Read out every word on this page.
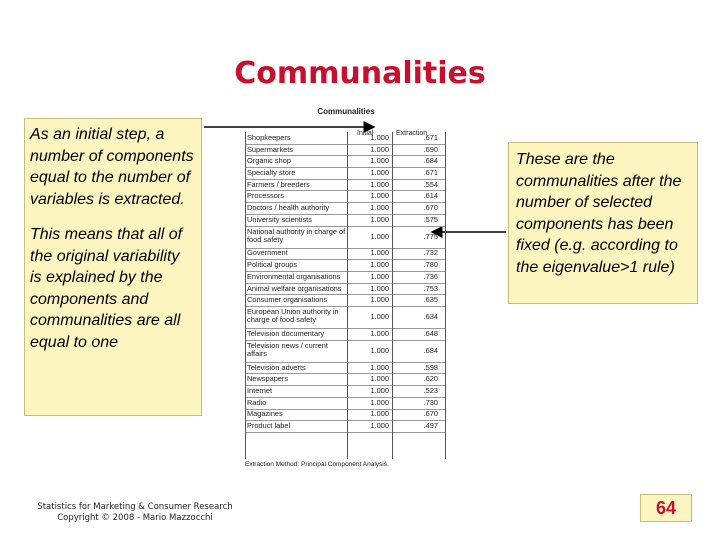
Communalities

As an initial step, a number of components equal to the number of variables is extracted.

This means that all of the original variability is explained by the components and communalities are all equal to one

These are the communalities after the number of selected components has been fixed (e.g. according to the eigenvalue>1 rule)

Communalities
Initial	Extraction
Shopkeepers	1.000	.671
Supermarkets	1.000	.690
Organic shop	1.000	.684
Specialty store	1.000	.671
Farmers / breeders	1.000	.554
Processors	1.000	.614
Doctors / health authority	1.000	.670
University scientists	1.000	.575
National authority in charge of food safety	1.000	.775
Government	1.000	.732
Political groups	1.000	.780
Environmental organisations	1.000	.736
Animal welfare organisations	1.000	.753
Consumer organisations	1.000	.635
European Union authority in charge of food safety	1.000	.634
Television documentary	1.000	.648
Television news / current affairs	1.000	.684
Television adverts	1.000	.598
Newspapers	1.000	.620
Internet	1.000	.523
Radio	1.000	.730
Magazines	1.000	.670
Product label	1.000	.497
Extraction Method: Principal Component Analysis.
Statistics for Marketing & Consumer Research
Copyright © 2008 - Mario Mazzocchi	64
